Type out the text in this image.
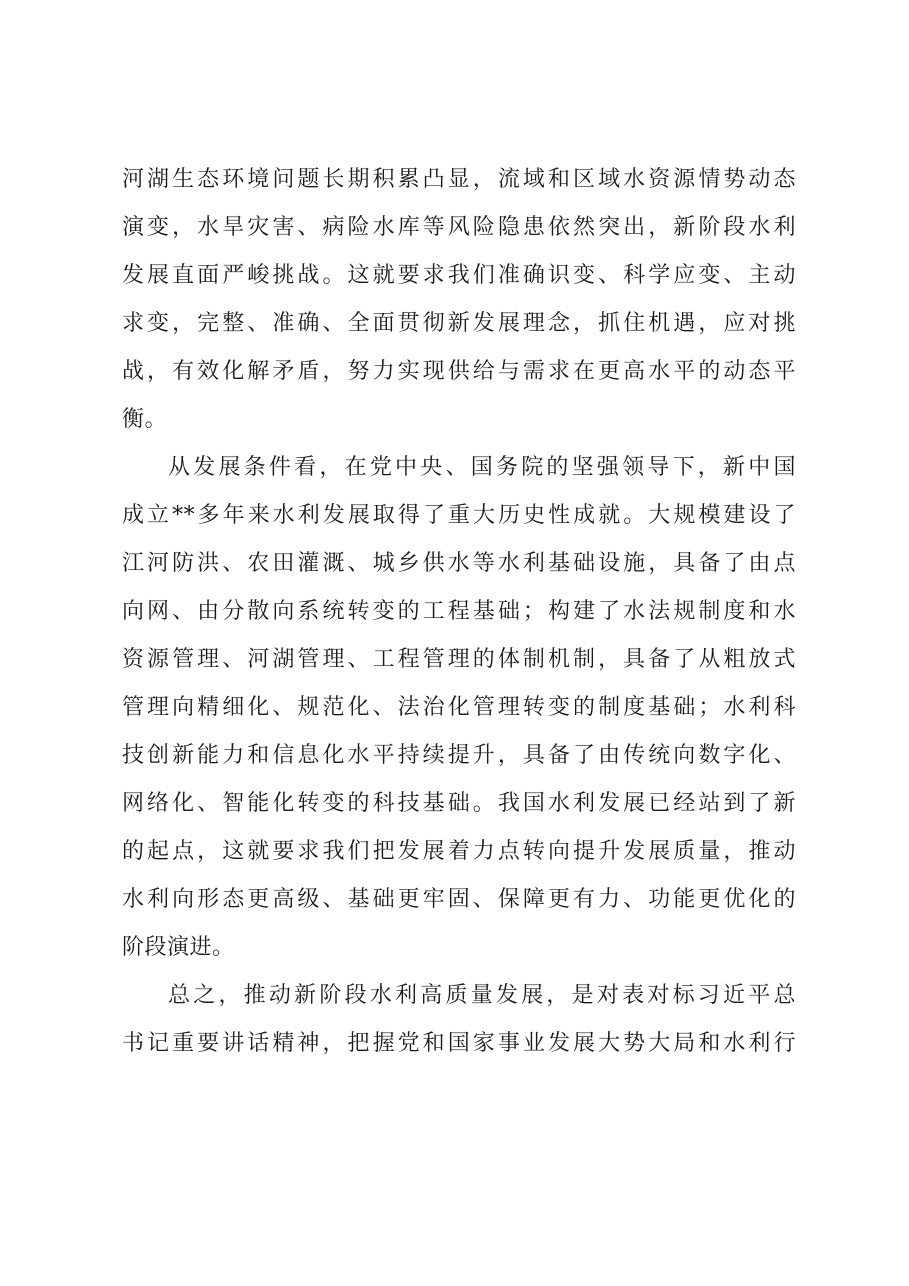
河湖生态环境问题长期积累凸显，流域和区域水资源情势动态
演变，水旱灾害、病险水库等风险隐患依然突出，新阶段水利
发展直面严峻挑战。这就要求我们准确识变、科学应变、主动
求变，完整、准确、全面贯彻新发展理念，抓住机遇，应对挑
战，有效化解矛盾，努力实现供给与需求在更高水平的动态平
衡。
从发展条件看，在党中央、国务院的坚强领导下，新中国
成立**多年来水利发展取得了重大历史性成就。大规模建设了
江河防洪、农田灌溉、城乡供水等水利基础设施，具备了由点
向网、由分散向系统转变的工程基础；构建了水法规制度和水
资源管理、河湖管理、工程管理的体制机制，具备了从粗放式
管理向精细化、规范化、法治化管理转变的制度基础；水利科
技创新能力和信息化水平持续提升，具备了由传统向数字化、
网络化、智能化转变的科技基础。我国水利发展已经站到了新
的起点，这就要求我们把发展着力点转向提升发展质量，推动
水利向形态更高级、基础更牢固、保障更有力、功能更优化的
阶段演进。
总之，推动新阶段水利高质量发展，是对表对标习近平总
书记重要讲话精神，把握党和国家事业发展大势大局和水利行
